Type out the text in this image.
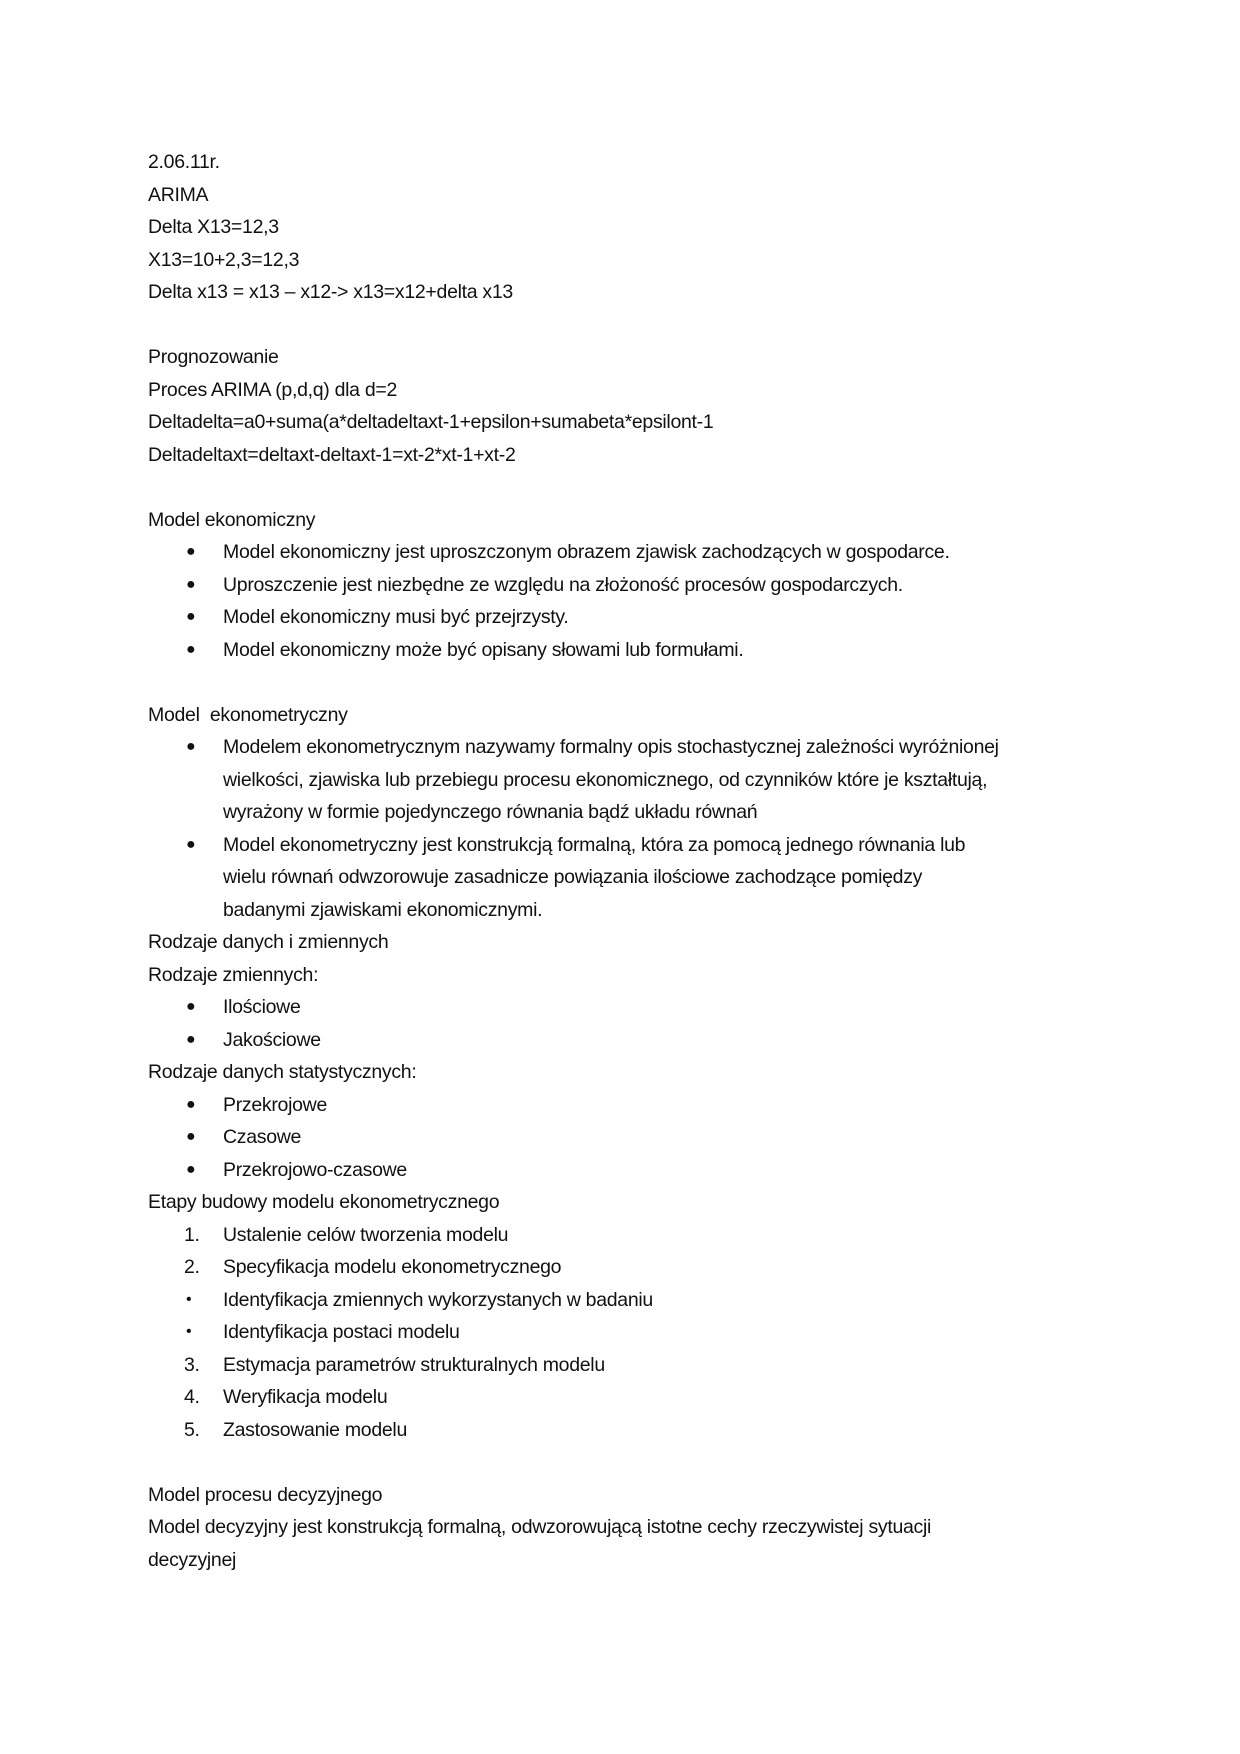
2.06.11r.

ARIMA

Delta X13=12,3

X13=10+2,3=12,3

Delta x13 = x13 – x12-> x13=x12+delta x13

Prognozowanie

Proces ARIMA (p,d,q) dla d=2

Deltadelta=a0+suma(a*deltadeltaxt-1+epsilon+sumabeta*epsilont-1

Deltadeltaxt=deltaxt-deltaxt-1=xt-2*xt-1+xt-2

Model ekonomiczny

●	Model ekonomiczny jest uproszczonym obrazem zjawisk zachodzących w gospodarce.
●	Uproszczenie jest niezbędne ze względu na złożoność procesów gospodarczych.
●	Model ekonomiczny musi być przejrzysty.
●	Model ekonomiczny może być opisany słowami lub formułami.

Model  ekonometryczny

●	Modelem ekonometrycznym nazywamy formalny opis stochastycznej zależności wyróżnionej
wielkości, zjawiska lub przebiegu procesu ekonomicznego, od czynników które je kształtują,
wyrażony w formie pojedynczego równania bądź układu równań
●	Model ekonometryczny jest konstrukcją formalną, która za pomocą jednego równania lub
wielu równań odwzorowuje zasadnicze powiązania ilościowe zachodzące pomiędzy
badanymi zjawiskami ekonomicznymi.

Rodzaje danych i zmiennych

Rodzaje zmiennych:

●	Ilościowe
●	Jakościowe

Rodzaje danych statystycznych:

●	Przekrojowe
●	Czasowe
●	Przekrojowo-czasowe

Etapy budowy modelu ekonometrycznego

1.	Ustalenie celów tworzenia modelu
2.	Specyfikacja modelu ekonometrycznego
•	Identyfikacja zmiennych wykorzystanych w badaniu
•	Identyfikacja postaci modelu
3.	Estymacja parametrów strukturalnych modelu
4.	Weryfikacja modelu
5.	Zastosowanie modelu

Model procesu decyzyjnego

Model decyzyjny jest konstrukcją formalną, odwzorowującą istotne cechy rzeczywistej sytuacji

decyzyjnej
